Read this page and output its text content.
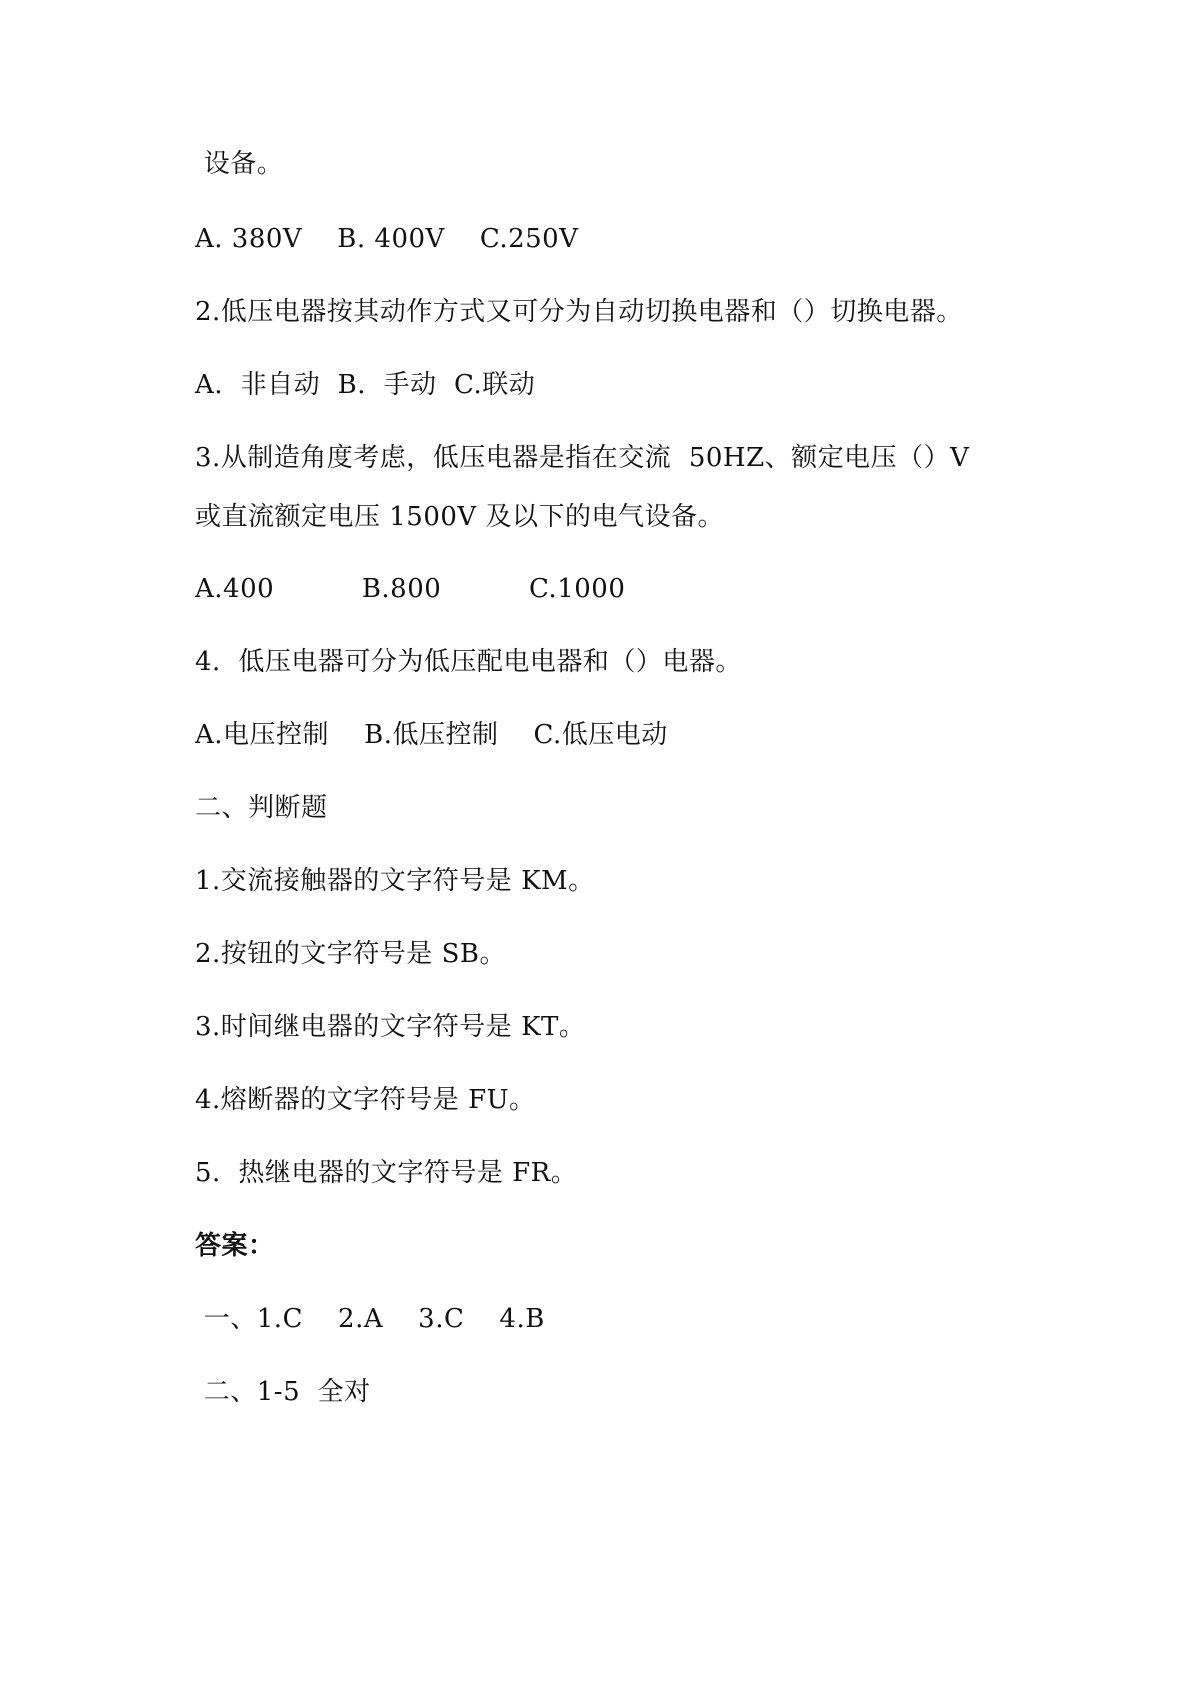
设备。
A. 380V    B. 400V    C.250V
2.低压电器按其动作方式又可分为自动切换电器和（）切换电器。
A.  非自动  B.  手动  C.联动
3.从制造角度考虑，低压电器是指在交流  50HZ、额定电压（）V
或直流额定电压 1500V 及以下的电气设备。
A.400          B.800          C.1000
4.  低压电器可分为低压配电电器和（）电器。
A.电压控制    B.低压控制    C.低压电动
二、判断题
1.交流接触器的文字符号是 KM。
2.按钮的文字符号是 SB。
3.时间继电器的文字符号是 KT。
4.熔断器的文字符号是 FU。
5.  热继电器的文字符号是 FR。
答案：
一、1.C    2.A    3.C    4.B
二、1-5  全对
